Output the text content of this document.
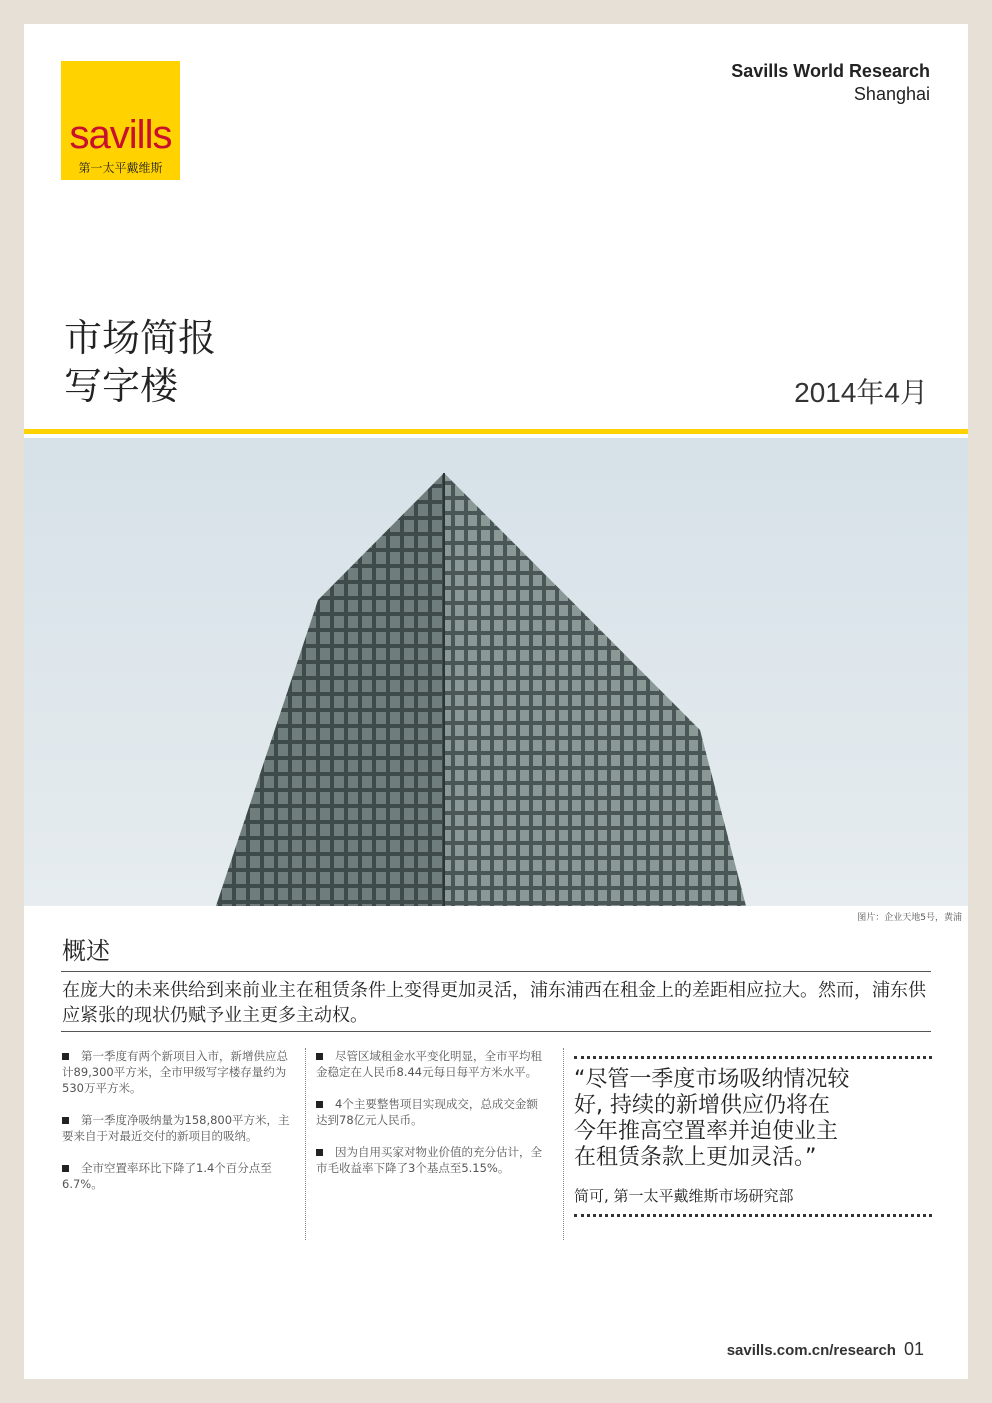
savills
第一太平戴维斯
Savills World Research
Shanghai
市场简报
写字楼	2014年4月
图片：企业天地5号，黄浦
概述
在庞大的未来供给到来前业主在租赁条件上变得更加灵活，浦东浦西在租金上的差距相应拉大。然而，浦东供应紧张的现状仍赋予业主更多主动权。

第一季度有两个新项目入市，新增供应总计89,300平方米，全市甲级写字楼存量约为530万平方米。

第一季度净吸纳量为158,800平方米，主要来自于对最近交付的新项目的吸纳。

全市空置率环比下降了1.4个百分点至6.7%。

尽管区域租金水平变化明显，全市平均租金稳定在人民币8.44元每日每平方米水平。

4个主要整售项目实现成交，总成交金额达到78亿元人民币。

因为自用买家对物业价值的充分估计，全市毛收益率下降了3个基点至5.15%。

“尽管一季度市场吸纳情况较
好, 持续的新增供应仍将在
今年推高空置率并迫使业主
在租赁条款上更加灵活。”
简可, 第一太平戴维斯市场研究部
savills.com.cn/research 01
